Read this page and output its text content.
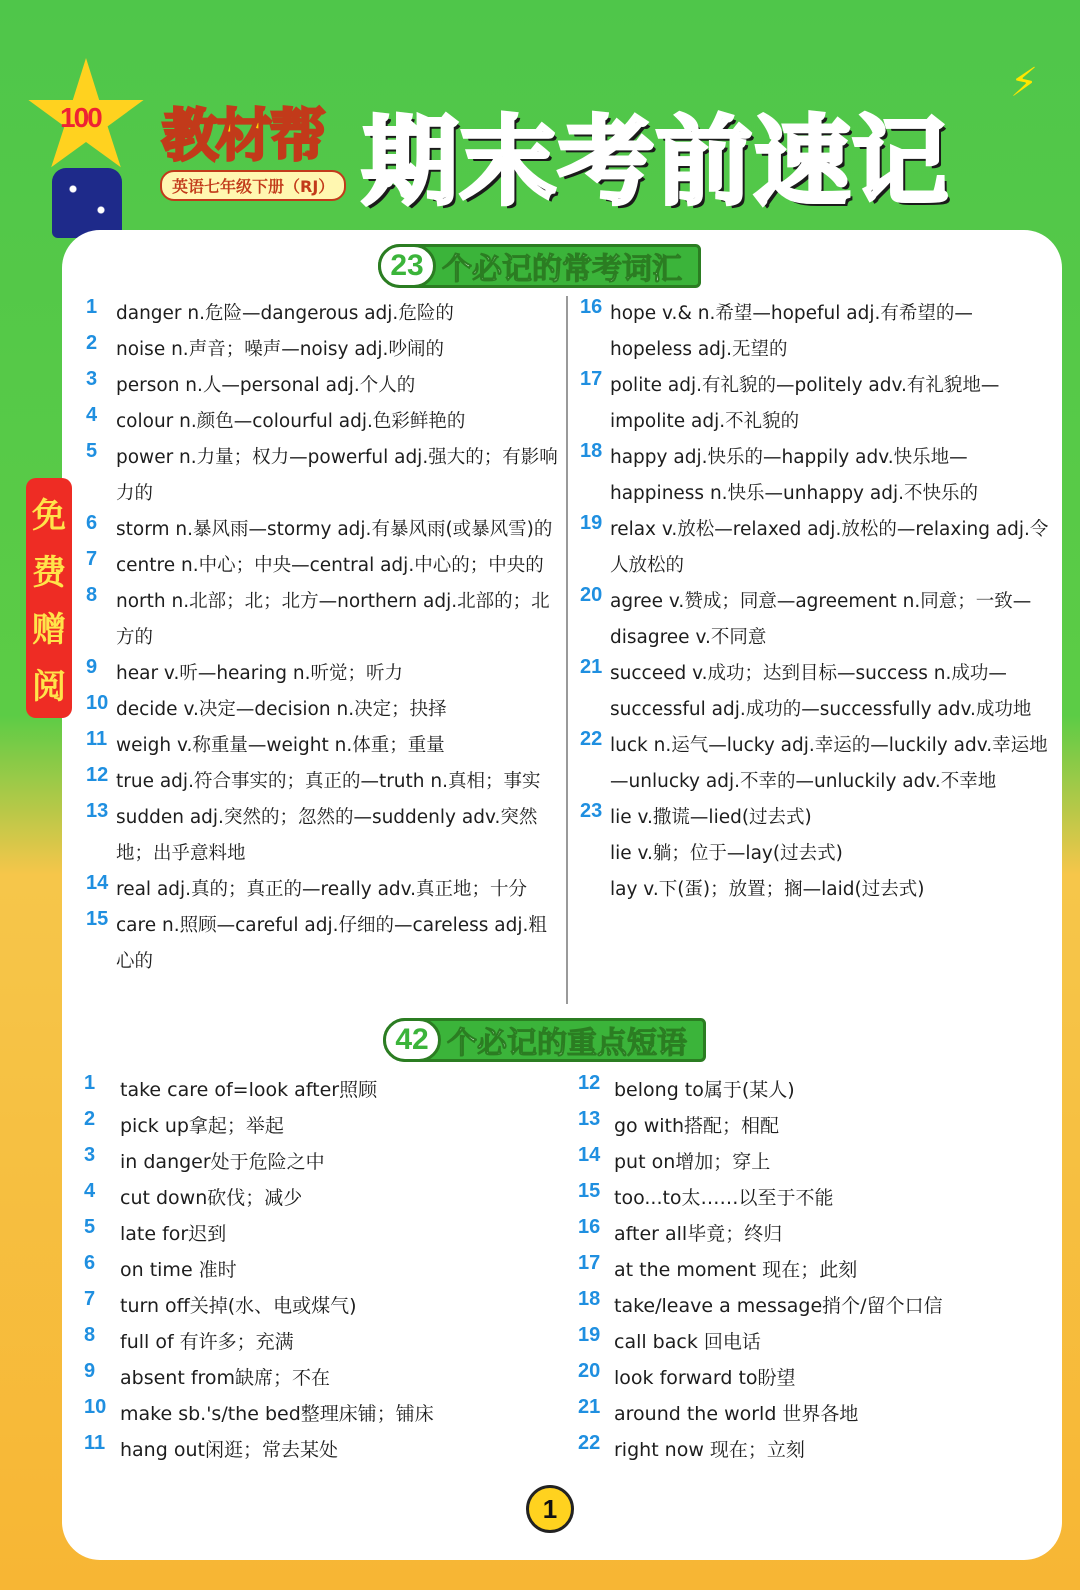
100 教材帮
英语七年级下册（RJ） 期末考前速记
⚡
免
费
赠
阅
23 个必记的常考词汇
1	danger n.危险—dangerous adj.危险的
2	noise n.声音；噪声—noisy adj.吵闹的
3	person n.人—personal adj.个人的
4	colour n.颜色—colourful adj.色彩鲜艳的
5	power n.力量；权力—powerful adj.强大的；有影响力的
6	storm n.暴风雨—stormy adj.有暴风雨(或暴风雪)的
7	centre n.中心；中央—central adj.中心的；中央的
8	north n.北部；北；北方—northern adj.北部的；北方的
9	hear v.听—hearing n.听觉；听力
10 decide v.决定—decision n.决定；抉择
11 weigh v.称重量—weight n.体重；重量
12 true adj.符合事实的；真正的—truth n.真相；事实
13 sudden adj.突然的；忽然的—suddenly adv.突然地；出乎意料地
14 real adj.真的；真正的—really adv.真正地；十分
15 care n.照顾—careful adj.仔细的—careless adj.粗心的
16 hope v.& n.希望—hopeful adj.有希望的—hopeless adj.无望的
17 polite adj.有礼貌的—politely adv.有礼貌地—impolite adj.不礼貌的
18 happy adj.快乐的—happily adv.快乐地—happiness n.快乐—unhappy adj.不快乐的
19 relax v.放松—relaxed adj.放松的—relaxing adj.令人放松的
20 agree v.赞成；同意—agreement n.同意；一致—disagree v.不同意
21 succeed v.成功；达到目标—success n.成功—successful adj.成功的—successfully adv.成功地
22 luck n.运气—lucky adj.幸运的—luckily adv.幸运地—unlucky adj.不幸的—unluckily adv.不幸地
23 lie v.撒谎—lied(过去式)
lie v.躺；位于—lay(过去式)
lay v.下(蛋)；放置；搁—laid(过去式)
42 个必记的重点短语
1	take care of=look after照顾
2	pick up拿起；举起
3	in danger处于危险之中
4	cut down砍伐；减少
5	late for迟到
6	on time 准时
7	turn off关掉(水、电或煤气)
8	full of 有许多；充满
9	absent from缺席；不在
10 make sb.'s/the bed整理床铺；铺床
11 hang out闲逛；常去某处
12 belong to属于(某人)
13 go with搭配；相配
14 put on增加；穿上
15 too...to太……以至于不能
16 after all毕竟；终归
17 at the moment 现在；此刻
18 take/leave a message捎个/留个口信
19 call back 回电话
20 look forward to盼望
21 around the world 世界各地
22 right now 现在；立刻
1
